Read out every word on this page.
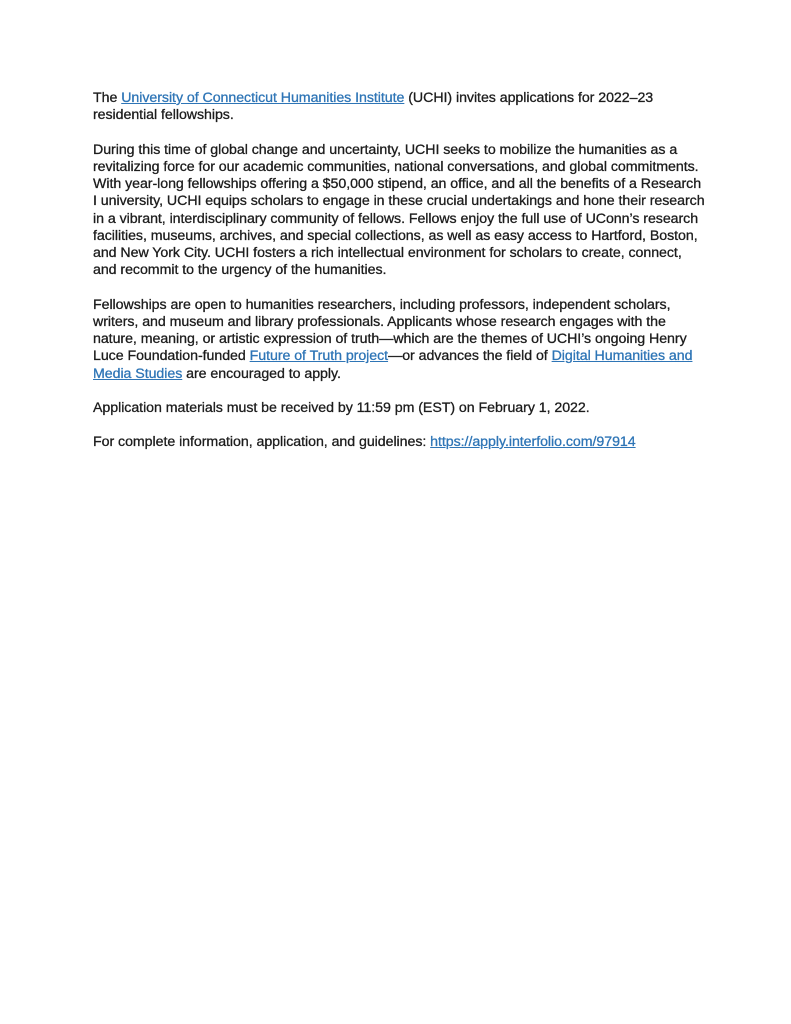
The University of Connecticut Humanities Institute (UCHI) invites applications for 2022–23 residential fellowships.

During this time of global change and uncertainty, UCHI seeks to mobilize the humanities as a revitalizing force for our academic communities, national conversations, and global commitments. With year-long fellowships offering a $50,000 stipend, an office, and all the benefits of a Research I university, UCHI equips scholars to engage in these crucial undertakings and hone their research in a vibrant, interdisciplinary community of fellows. Fellows enjoy the full use of UConn’s research facilities, museums, archives, and special collections, as well as easy access to Hartford, Boston, and New York City. UCHI fosters a rich intellectual environment for scholars to create, connect, and recommit to the urgency of the humanities.

Fellowships are open to humanities researchers, including professors, independent scholars, writers, and museum and library professionals. Applicants whose research engages with the nature, meaning, or artistic expression of truth—which are the themes of UCHI’s ongoing Henry Luce Foundation-funded Future of Truth project—or advances the field of Digital Humanities and Media Studies are encouraged to apply.

Application materials must be received by 11:59 pm (EST) on February 1, 2022.

For complete information, application, and guidelines: https://apply.interfolio.com/97914
